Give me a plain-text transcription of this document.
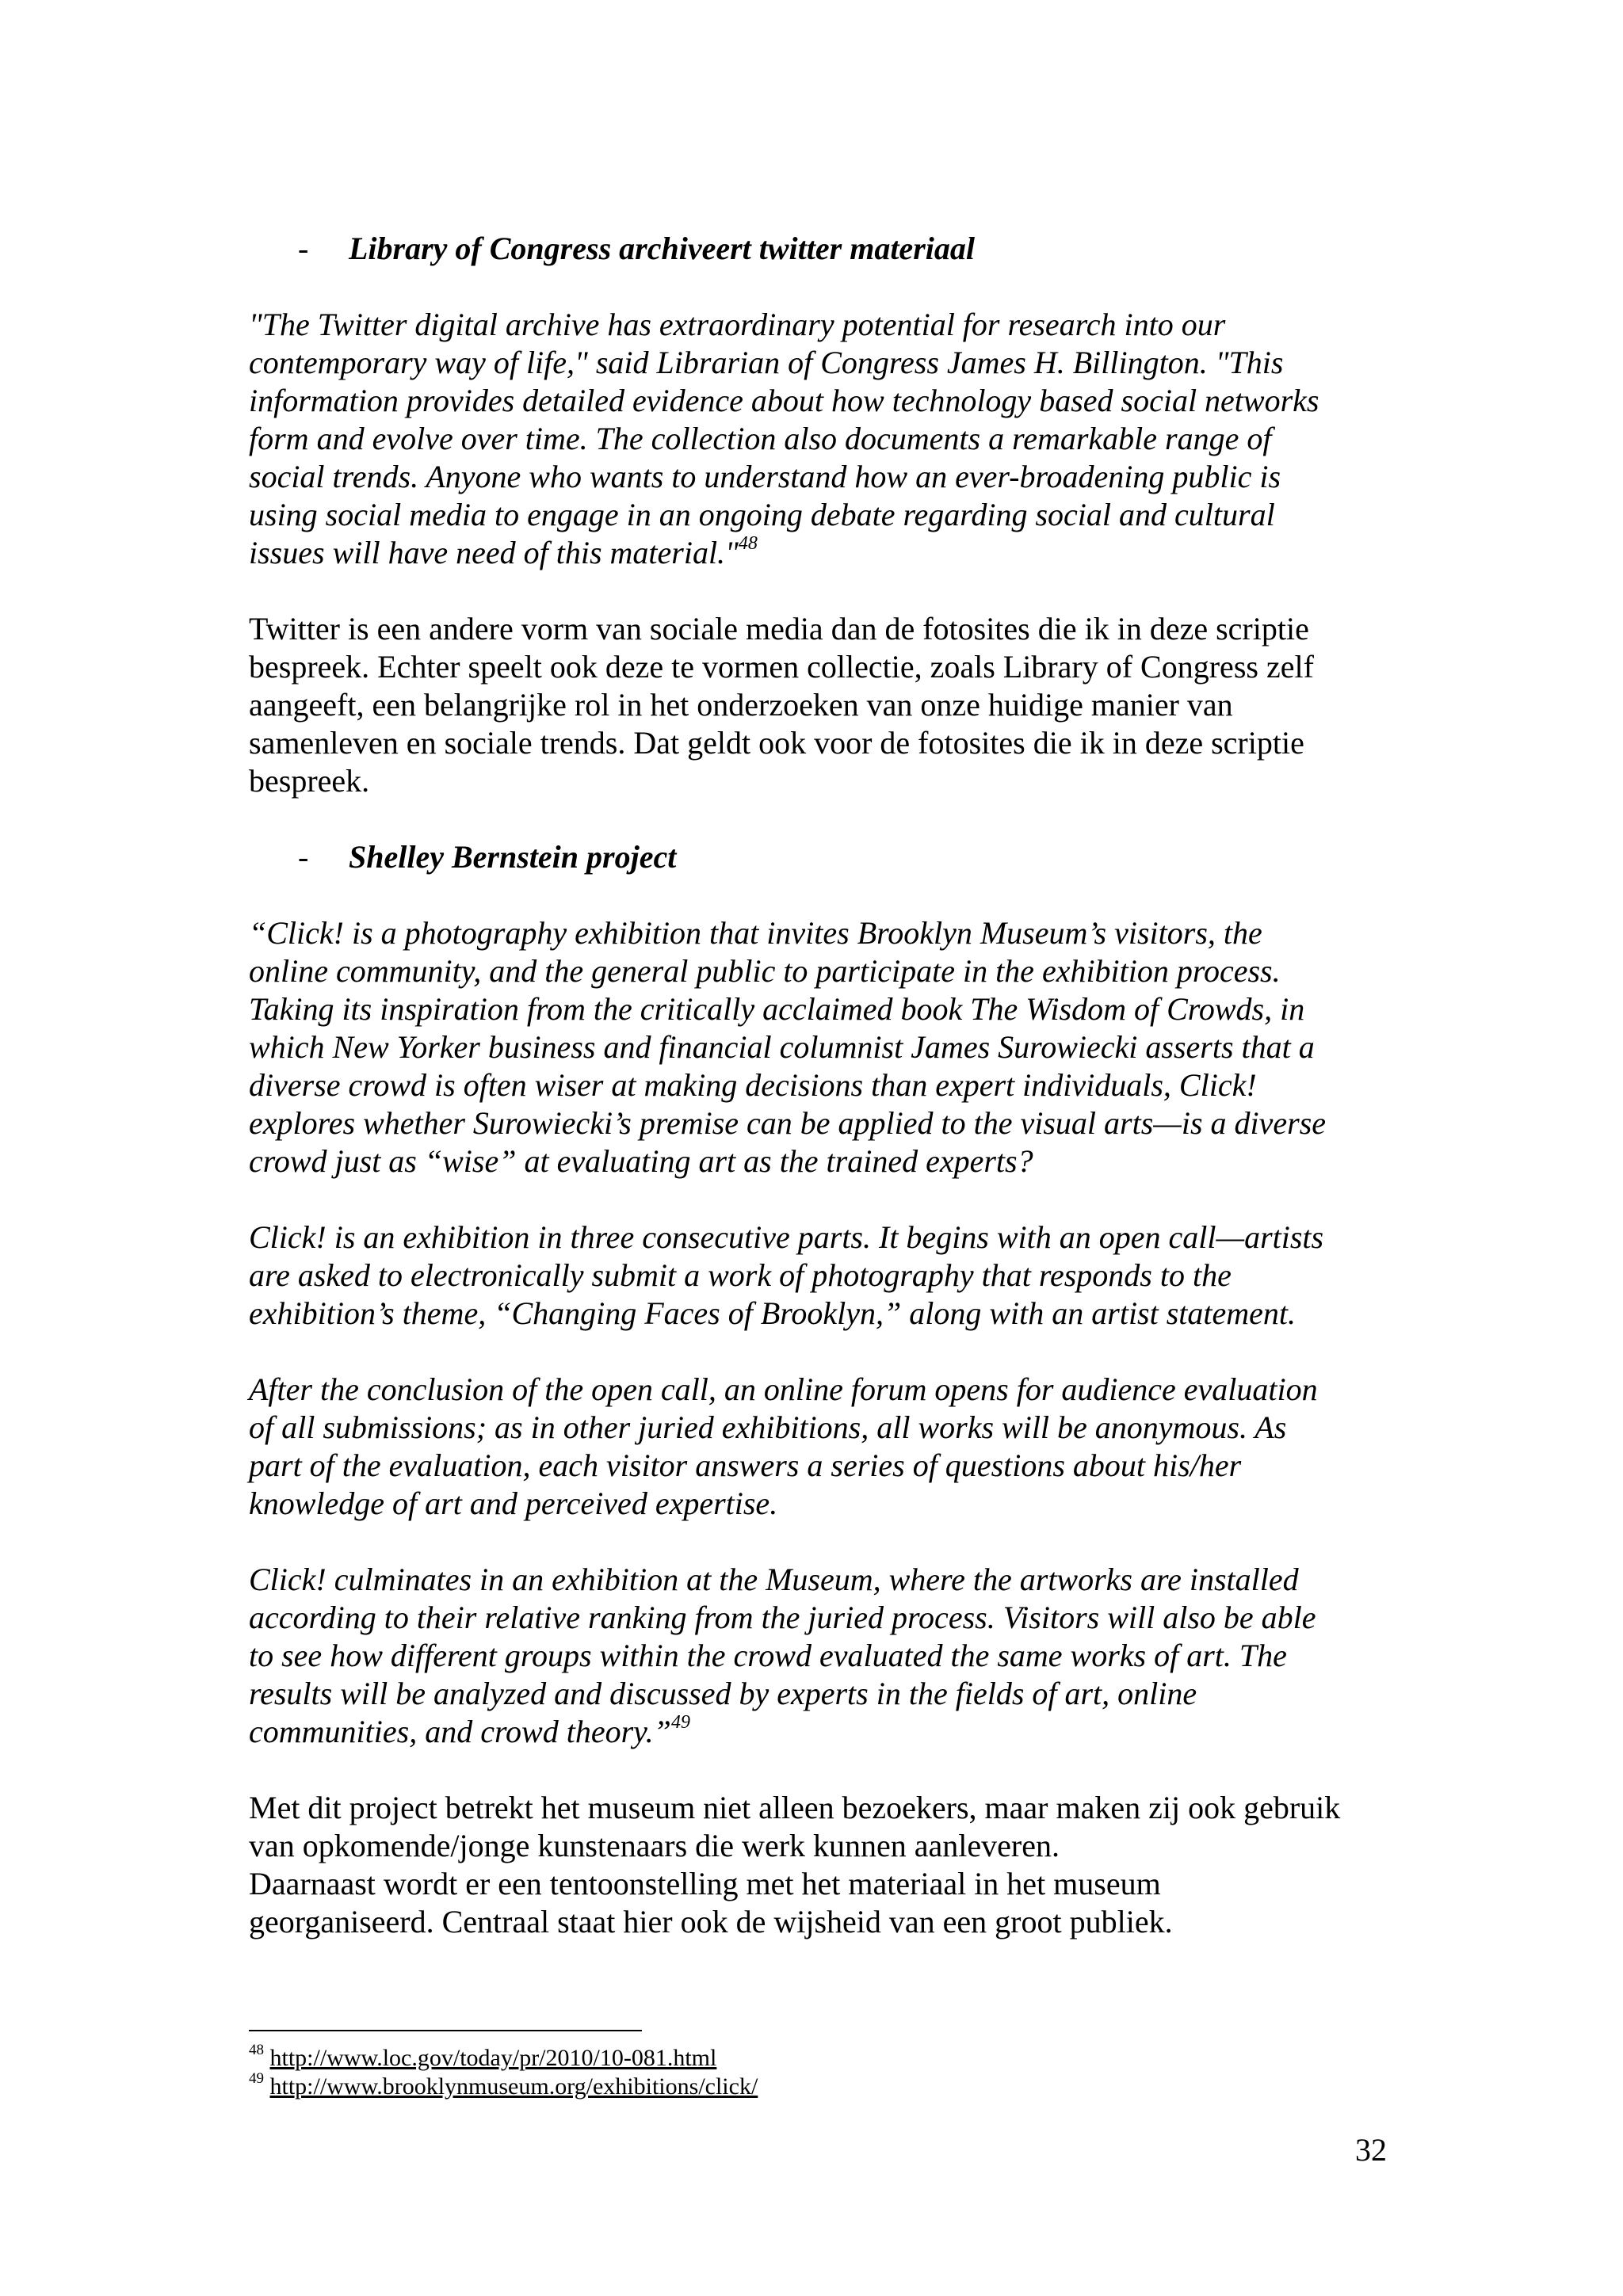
-	Library of Congress archiveert twitter materiaal
"The Twitter digital archive has extraordinary potential for research into our
contemporary way of life," said Librarian of Congress James H. Billington. "This
information provides detailed evidence about how technology based social networks
form and evolve over time. The collection also documents a remarkable range of
social trends. Anyone who wants to understand how an ever-broadening public is
using social media to engage in an ongoing debate regarding social and cultural
issues will have need of this material."$^{48}$
Twitter is een andere vorm van sociale media dan de fotosites die ik in deze scriptie
bespreek. Echter speelt ook deze te vormen collectie, zoals Library of Congress zelf
aangeeft, een belangrijke rol in het onderzoeken van onze huidige manier van
samenleven en sociale trends. Dat geldt ook voor de fotosites die ik in deze scriptie
bespreek.
-	Shelley Bernstein project
“Click! is a photography exhibition that invites Brooklyn Museum’s visitors, the
online community, and the general public to participate in the exhibition process.
Taking its inspiration from the critically acclaimed book The Wisdom of Crowds, in
which New Yorker business and financial columnist James Surowiecki asserts that a
diverse crowd is often wiser at making decisions than expert individuals, Click!
explores whether Surowiecki’s premise can be applied to the visual arts—is a diverse
crowd just as “wise” at evaluating art as the trained experts?
Click! is an exhibition in three consecutive parts. It begins with an open call—artists
are asked to electronically submit a work of photography that responds to the
exhibition’s theme, “Changing Faces of Brooklyn,” along with an artist statement.
After the conclusion of the open call, an online forum opens for audience evaluation
of all submissions; as in other juried exhibitions, all works will be anonymous. As
part of the evaluation, each visitor answers a series of questions about his/her
knowledge of art and perceived expertise.
Click! culminates in an exhibition at the Museum, where the artworks are installed
according to their relative ranking from the juried process. Visitors will also be able
to see how different groups within the crowd evaluated the same works of art. The
results will be analyzed and discussed by experts in the fields of art, online
communities, and crowd theory.”$^{49}$
Met dit project betrekt het museum niet alleen bezoekers, maar maken zij ook gebruik
van opkomende/jonge kunstenaars die werk kunnen aanleveren.
Daarnaast wordt er een tentoonstelling met het materiaal in het museum
georganiseerd. Centraal staat hier ook de wijsheid van een groot publiek.
$^{48}$ http://www.loc.gov/today/pr/2010/10-081.html
$^{49}$ http://www.brooklynmuseum.org/exhibitions/click/
32
